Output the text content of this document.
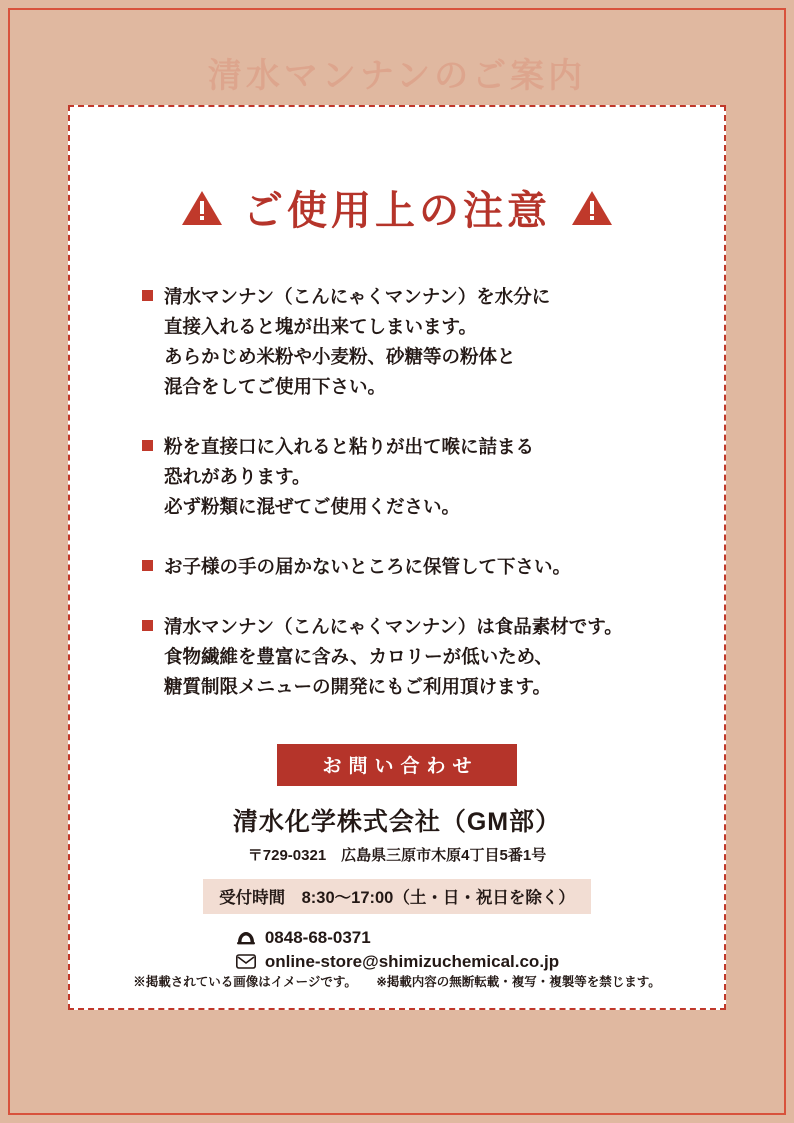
清水マンナンのご案内
ご使用上の注意
清水マンナン（こんにゃくマンナン）を水分に
直接入れると塊が出来てしまいます。
あらかじめ米粉や小麦粉、砂糖等の粉体と
混合をしてご使用下さい。
粉を直接口に入れると粘りが出て喉に詰まる
恐れがあります。
必ず粉類に混ぜてご使用ください。
お子様の手の届かないところに保管して下さい。
清水マンナン（こんにゃくマンナン）は食品素材です。
食物繊維を豊富に含み、カロリーが低いため、
糖質制限メニューの開発にもご利用頂けます。
お問い合わせ
清水化学株式会社（GM部）
〒729-0321　広島県三原市木原4丁目5番1号
受付時間　8:30〜17:00（土・日・祝日を除く）
0848-68-0371
online-store@shimizuchemical.co.jp
※掲載されている画像はイメージです。 ※掲載内容の無断転載・複写・複製等を禁じます。
